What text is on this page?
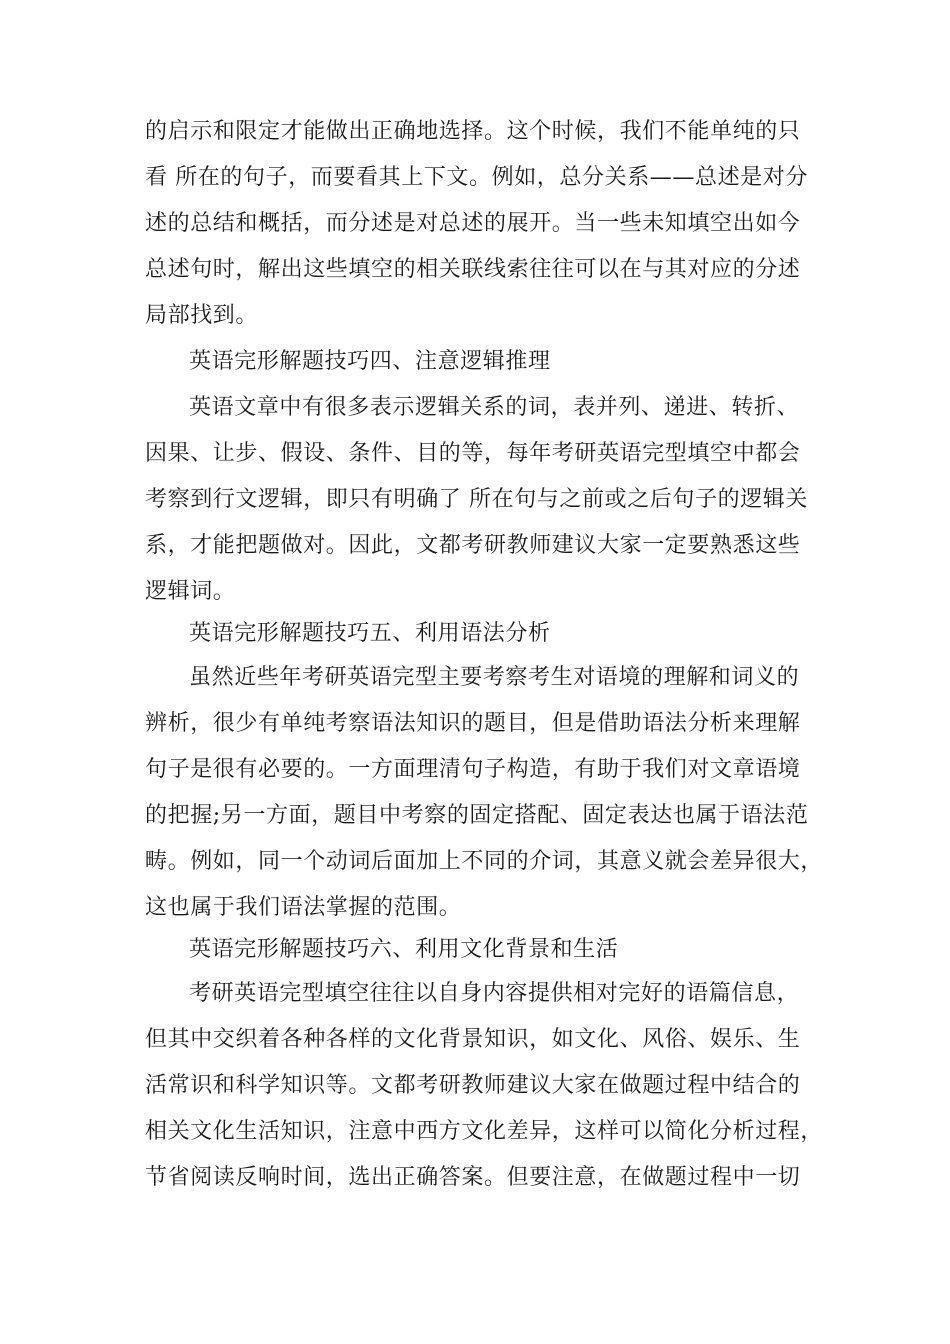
的启示和限定才能做出正确地选择。这个时候，我们不能单纯的只
看 所在的句子，而要看其上下文。例如，总分关系——总述是对分
述的总结和概括，而分述是对总述的展开。当一些未知填空出如今
总述句时，解出这些填空的相关联线索往往可以在与其对应的分述
局部找到。
英语完形解题技巧四、注意逻辑推理
英语文章中有很多表示逻辑关系的词，表并列、递进、转折、
因果、让步、假设、条件、目的等，每年考研英语完型填空中都会
考察到行文逻辑，即只有明确了 所在句与之前或之后句子的逻辑关
系，才能把题做对。因此，文都考研教师建议大家一定要熟悉这些
逻辑词。
英语完形解题技巧五、利用语法分析
虽然近些年考研英语完型主要考察考生对语境的理解和词义的
辨析，很少有单纯考察语法知识的题目，但是借助语法分析来理解
句子是很有必要的。一方面理清句子构造，有助于我们对文章语境
的把握;另一方面，题目中考察的固定搭配、固定表达也属于语法范
畴。例如，同一个动词后面加上不同的介词，其意义就会差异很大，
这也属于我们语法掌握的范围。
英语完形解题技巧六、利用文化背景和生活
考研英语完型填空往往以自身内容提供相对完好的语篇信息，
但其中交织着各种各样的文化背景知识，如文化、风俗、娱乐、生
活常识和科学知识等。文都考研教师建议大家在做题过程中结合的
相关文化生活知识，注意中西方文化差异，这样可以简化分析过程，
节省阅读反响时间，选出正确答案。但要注意，在做题过程中一切
